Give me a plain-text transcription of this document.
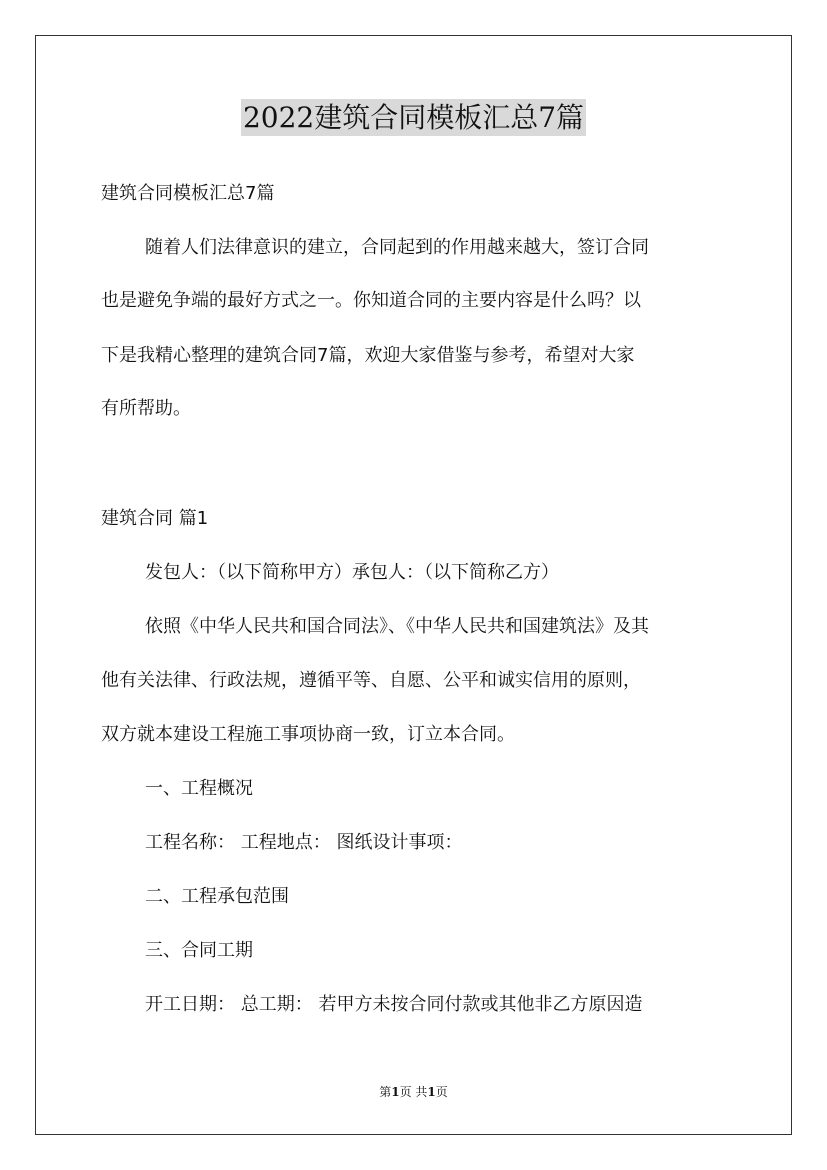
2022建筑合同模板汇总7篇
建筑合同模板汇总7篇
随着人们法律意识的建立，合同起到的作用越来越大，签订合同
也是避免争端的最好方式之一。你知道合同的主要内容是什么吗？以
下是我精心整理的建筑合同7篇，欢迎大家借鉴与参考，希望对大家
有所帮助。
建筑合同 篇1
发包人：（以下简称甲方）承包人：（以下简称乙方）
依照《中华人民共和国合同法》、《中华人民共和国建筑法》及其
他有关法律、行政法规，遵循平等、自愿、公平和诚实信用的原则，
双方就本建设工程施工事项协商一致，订立本合同。
一、工程概况
工程名称： 工程地点： 图纸设计事项：
二、工程承包范围
三、合同工期
开工日期： 总工期： 若甲方未按合同付款或其他非乙方原因造
第1页 共1页
